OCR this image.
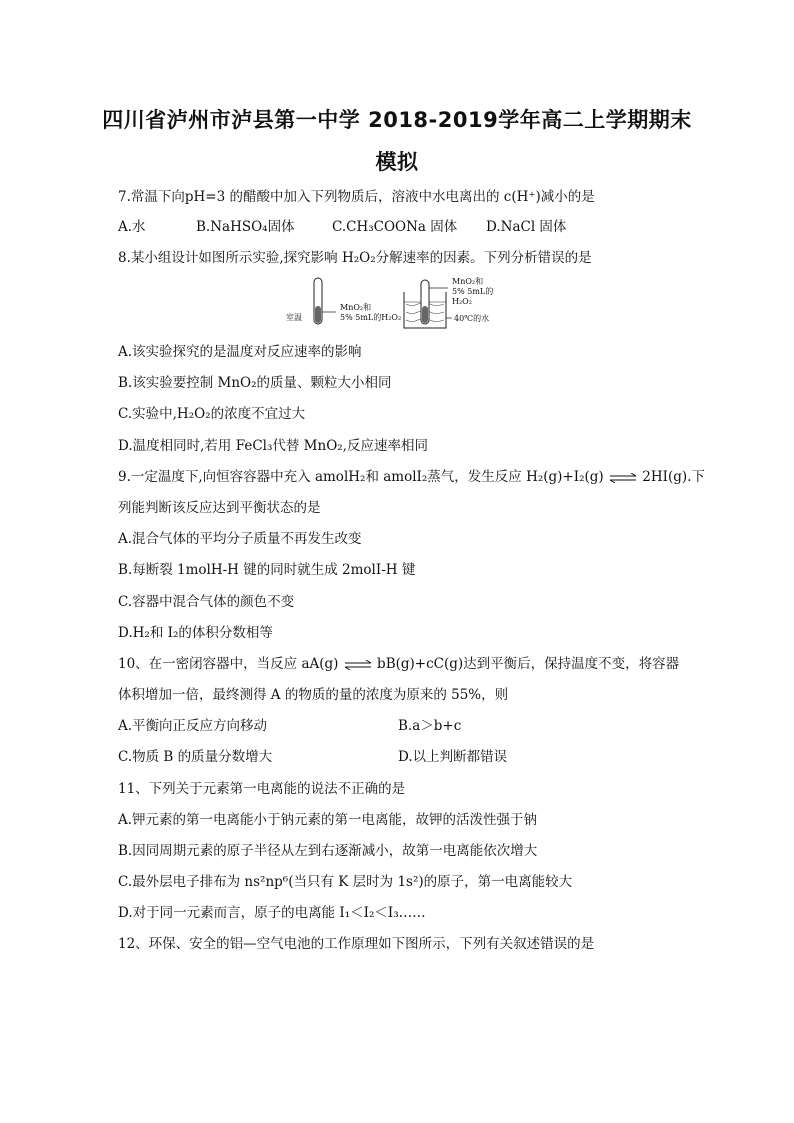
四川省泸州市泸县第一中学 2018-2019学年高二上学期期末
模拟
7.常温下向pH=3 的醋酸中加入下列物质后，溶液中水电离出的 c(H⁺)减小的是
A.水	B.NaHSO₄固体	C.CH₃COONa 固体 D.NaCl 固体
8.某小组设计如图所示实验,探究影响 H₂O₂分解速率的因素。下列分析错误的是
室温
MnO₂和
5% 5mL的H₂O₂
MnO₂和
5% 5mL的H₂O₂
40℃的水
A.该实验探究的是温度对反应速率的影响
B.该实验要控制 MnO₂的质量、颗粒大小相同
C.实验中,H₂O₂的浓度不宜过大
D.温度相同时,若用 FeCl₃代替 MnO₂,反应速率相同
9.一定温度下,向恒容容器中充入 amolH₂和 amolI₂蒸气，发生反应 H₂(g)+I₂(g) ⇌ 2HI(g).下
列能判断该反应达到平衡状态的是
A.混合气体的平均分子质量不再发生改变
B.每断裂 1molH-H 键的同时就生成 2molI-H 键
C.容器中混合气体的颜色不变
D.H₂和 I₂的体积分数相等
10、在一密闭容器中，当反应 aA(g) ⇌ bB(g)+cC(g)达到平衡后，保持温度不变，将容器
体积增加一倍，最终测得 A 的物质的量的浓度为原来的 55%，则
A.平衡向正反应方向移动	B.a＞b+c
C.物质 B 的质量分数增大	D.以上判断都错误
11、下列关于元素第一电离能的说法不正确的是
A.钾元素的第一电离能小于钠元素的第一电离能，故钾的活泼性强于钠
B.因同周期元素的原子半径从左到右逐渐减小，故第一电离能依次增大
C.最外层电子排布为 ns²np⁶(当只有 K 层时为 1s²)的原子，第一电离能较大
D.对于同一元素而言，原子的电离能 I₁＜I₂＜I₃……
12、环保、安全的铝—空气电池的工作原理如下图所示，下列有关叙述错误的是
